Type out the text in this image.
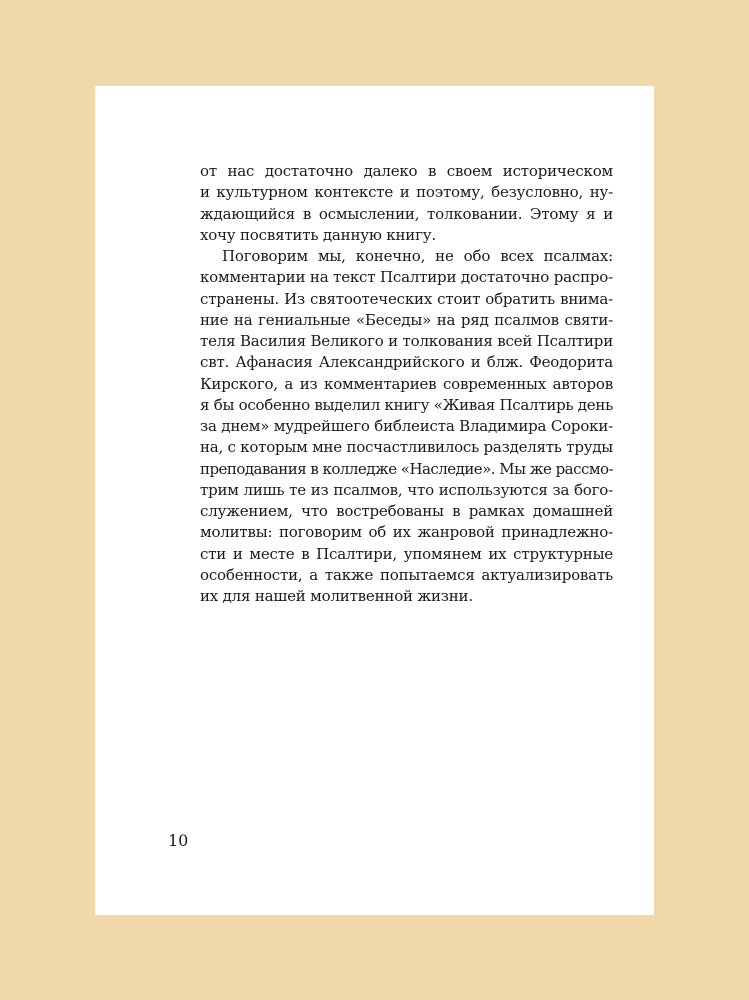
от нас достаточно далеко в своем историческом
и культурном контексте и поэтому, безусловно, ну-
ждающийся в осмыслении, толковании. Этому я и
хочу посвятить данную книгу.
Поговорим мы, конечно, не обо всех псалмах:
комментарии на текст Псалтири достаточно распро-
странены. Из святоотеческих стоит обратить внима-
ние на гениальные «Беседы» на ряд псалмов святи-
теля Василия Великого и толкования всей Псалтири
свт. Афанасия Александрийского и блж. Феодорита
Кирского, а из комментариев современных авторов
я бы особенно выделил книгу «Живая Псалтирь день
за днем» мудрейшего библеиста Владимира Сороки-
на, с которым мне посчастливилось разделять труды
преподавания в колледже «Наследие». Мы же рассмо-
трим лишь те из псалмов, что используются за бого-
служением, что востребованы в рамках домашней
молитвы: поговорим об их жанровой принадлежно-
сти и месте в Псалтири, упомянем их структурные
особенности, а также попытаемся актуализировать
их для нашей молитвенной жизни.
10
